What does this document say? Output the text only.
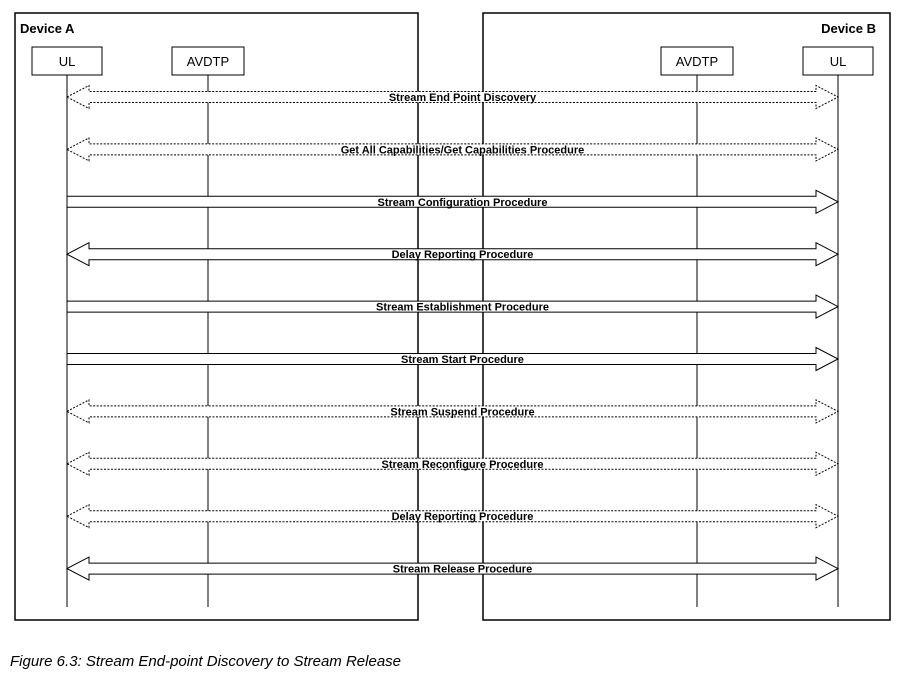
Device A	Device B
UL	AVDTP	AVDTP	UL
Stream End Point Discovery
Get All Capabilities/Get Capabilities Procedure
Stream Configuration Procedure
Delay Reporting Procedure
Stream Establishment Procedure
Stream Start Procedure
Stream Suspend Procedure
Stream Reconfigure Procedure
Delay Reporting Procedure
Stream Release Procedure
Figure 6.3: Stream End-point Discovery to Stream Release
